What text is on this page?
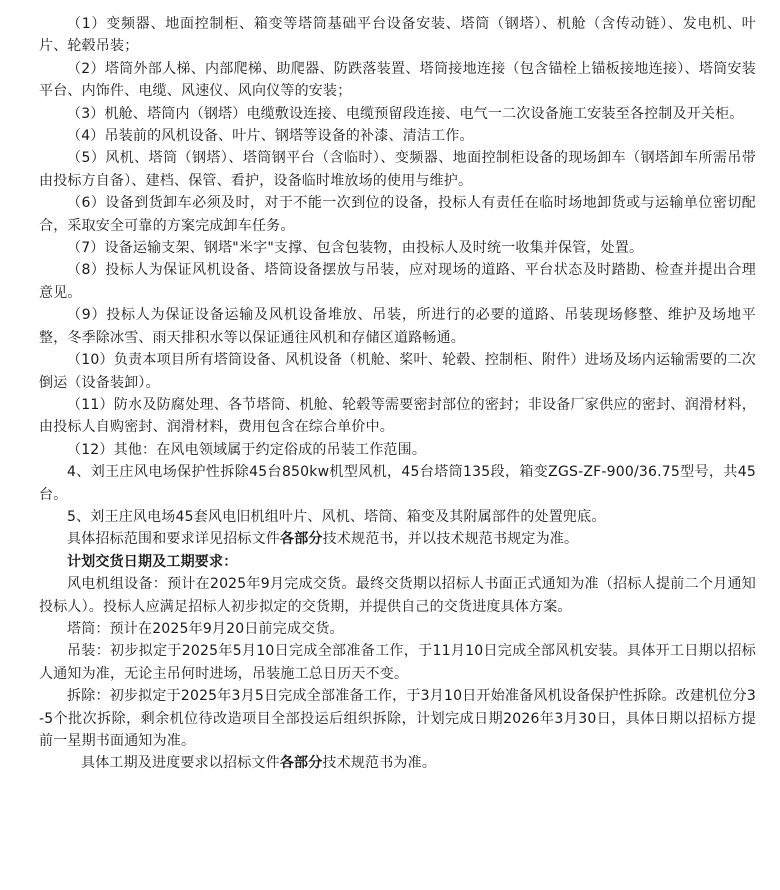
（1）变频器、地面控制柜、箱变等塔筒基础平台设备安装、塔筒（钢塔）、机舱（含传动链）、发电机、叶片、轮毂吊装；

（2）塔筒外部人梯、内部爬梯、助爬器、防跌落装置、塔筒接地连接（包含锚栓上锚板接地连接）、塔筒安装平台、内饰件、电缆、风速仪、风向仪等的安装；

（3）机舱、塔筒内（钢塔）电缆敷设连接、电缆预留段连接、电气一二次设备施工安装至各控制及开关柜。

（4）吊装前的风机设备、叶片、钢塔等设备的补漆、清洁工作。

（5）风机、塔筒（钢塔）、塔筒钢平台（含临时）、变频器、地面控制柜设备的现场卸车（钢塔卸车所需吊带由投标方自备）、建档、保管、看护，设备临时堆放场的使用与维护。

（6）设备到货卸车必须及时，对于不能一次到位的设备，投标人有责任在临时场地卸货或与运输单位密切配合，采取安全可靠的方案完成卸车任务。

（7）设备运输支架、钢塔"米字"支撑、包含包装物，由投标人及时统一收集并保管，处置。

（8）投标人为保证风机设备、塔筒设备摆放与吊装，应对现场的道路、平台状态及时踏勘、检查并提出合理意见。

（9）投标人为保证设备运输及风机设备堆放、吊装，所进行的必要的道路、吊装现场修整、维护及场地平整，冬季除冰雪、雨天排积水等以保证通往风机和存储区道路畅通。

（10）负责本项目所有塔筒设备、风机设备（机舱、桨叶、轮毂、控制柜、附件）进场及场内运输需要的二次倒运（设备装卸）。

（11）防水及防腐处理、各节塔筒、机舱、轮毂等需要密封部位的密封；非设备厂家供应的密封、润滑材料，由投标人自购密封、润滑材料，费用包含在综合单价中。

（12）其他：在风电领域属于约定俗成的吊装工作范围。

4、刘王庄风电场保护性拆除45台850kw机型风机，45台塔筒135段，箱变ZGS-ZF-900/36.75型号，共45台。

5、刘王庄风电场45套风电旧机组叶片、风机、塔筒、箱变及其附属部件的处置兜底。

具体招标范围和要求详见招标文件各部分技术规范书，并以技术规范书规定为准。

计划交货日期及工期要求：

风电机组设备：预计在2025年9月完成交货。最终交货期以招标人书面正式通知为准（招标人提前二个月通知投标人）。投标人应满足招标人初步拟定的交货期，并提供自己的交货进度具体方案。

塔筒：预计在2025年9月20日前完成交货。

吊装：初步拟定于2025年5月10日完成全部准备工作，于11月10日完成全部风机安装。具体开工日期以招标人通知为准，无论主吊何时进场，吊装施工总日历天不变。

拆除：初步拟定于2025年3月5日完成全部准备工作，于3月10日开始准备风机设备保护性拆除。改建机位分3-5个批次拆除，剩余机位待改造项目全部投运后组织拆除，计划完成日期2026年3月30日，具体日期以招标方提前一星期书面通知为准。

具体工期及进度要求以招标文件各部分技术规范书为准。
